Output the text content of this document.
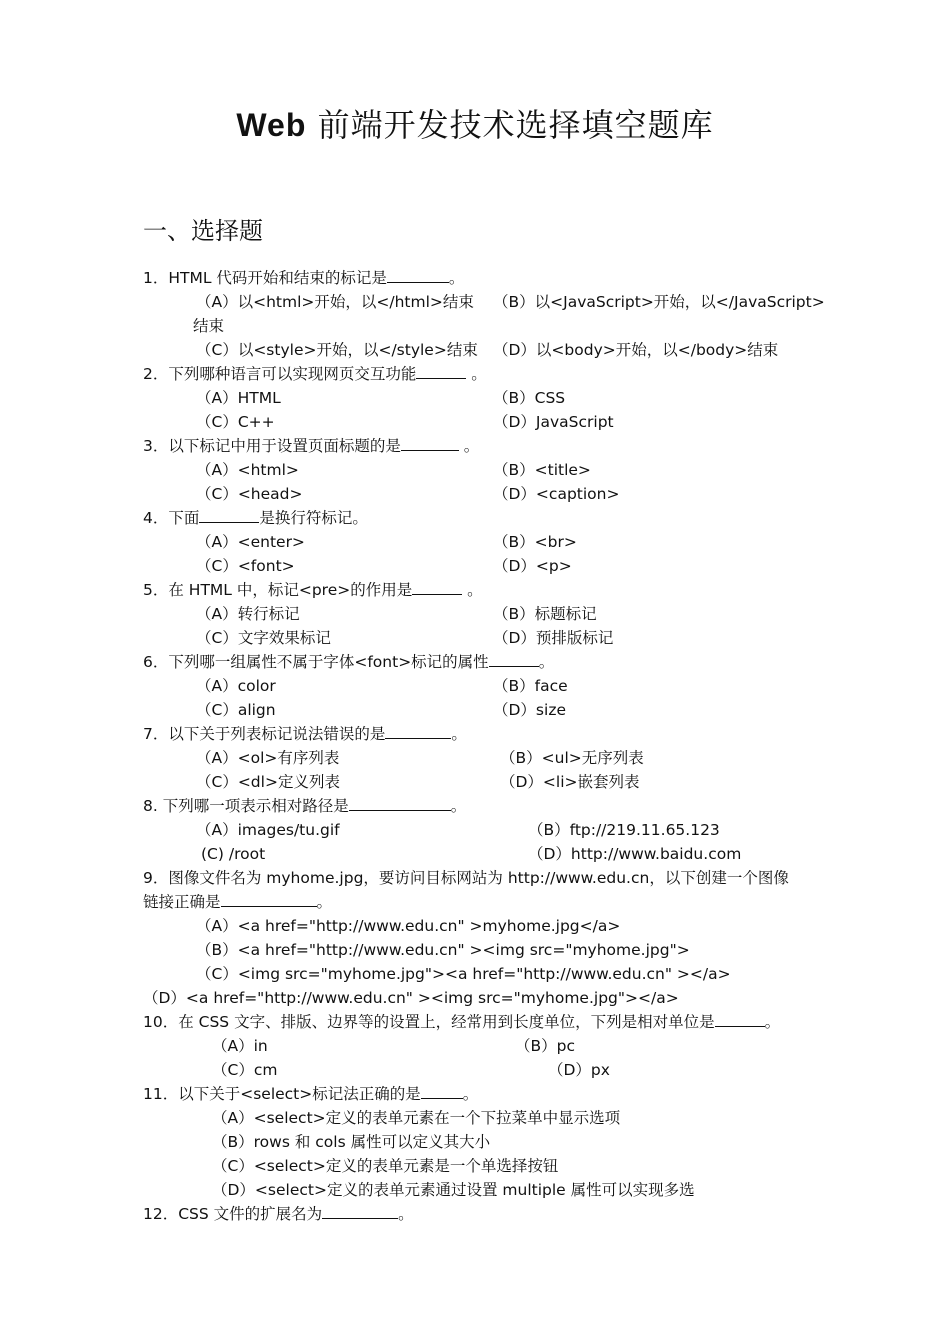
Web 前端开发技术选择填空题库
一、选择题
1．HTML 代码开始和结束的标记是	。
（A）以<html>开始，以</html>结束 （B）以<JavaScript>开始，以</JavaScript>
结束
（C）以<style>开始，以</style>结束 （D）以<body>开始，以</body>结束
2．下列哪种语言可以实现网页交互功能	。
（A）HTML	（B）CSS
（C）C++	（D）JavaScript
3．以下标记中用于设置页面标题的是	。
（A）<html>	（B）<title>
（C）<head>	（D）<caption>
4．下面	是换行符标记。
（A）<enter>	（B）<br>
（C）<font>	（D）<p>
5．在 HTML 中，标记<pre>的作用是	。
（A）转行标记	（B）标题标记
（C）文字效果标记	（D）预排版标记
6．下列哪一组属性不属于字体<font>标记的属性	。
（A）color	（B）face
（C）align	（D）size
7．以下关于列表标记说法错误的是	。
（A）<ol>有序列表	（B）<ul>无序列表
（C）<dl>定义列表	（D）<li>嵌套列表
8. 下列哪一项表示相对路径是	。
（A）images/tu.gif	（B）ftp://219.11.65.123
(C) /root	（D）http://www.baidu.com
9．图像文件名为 myhome.jpg，要访问目标网站为 http://www.edu.cn，以下创建一个图像
链接正确是	。
（A）<a href="http://www.edu.cn" >myhome.jpg</a>
（B）<a href="http://www.edu.cn" ><img src="myhome.jpg">
（C）<img src="myhome.jpg"><a href="http://www.edu.cn" ></a>
（D）<a href="http://www.edu.cn" ><img src="myhome.jpg"></a>
10．在 CSS 文字、排版、边界等的设置上，经常用到长度单位，下列是相对单位是	。
（A）in	（B）pc
（C）cm	（D）px
11．以下关于<select>标记法正确的是	。
（A）<select>定义的表单元素在一个下拉菜单中显示选项
（B）rows 和 cols 属性可以定义其大小
（C）<select>定义的表单元素是一个单选择按钮
（D）<select>定义的表单元素通过设置 multiple 属性可以实现多选
12．CSS 文件的扩展名为	。
